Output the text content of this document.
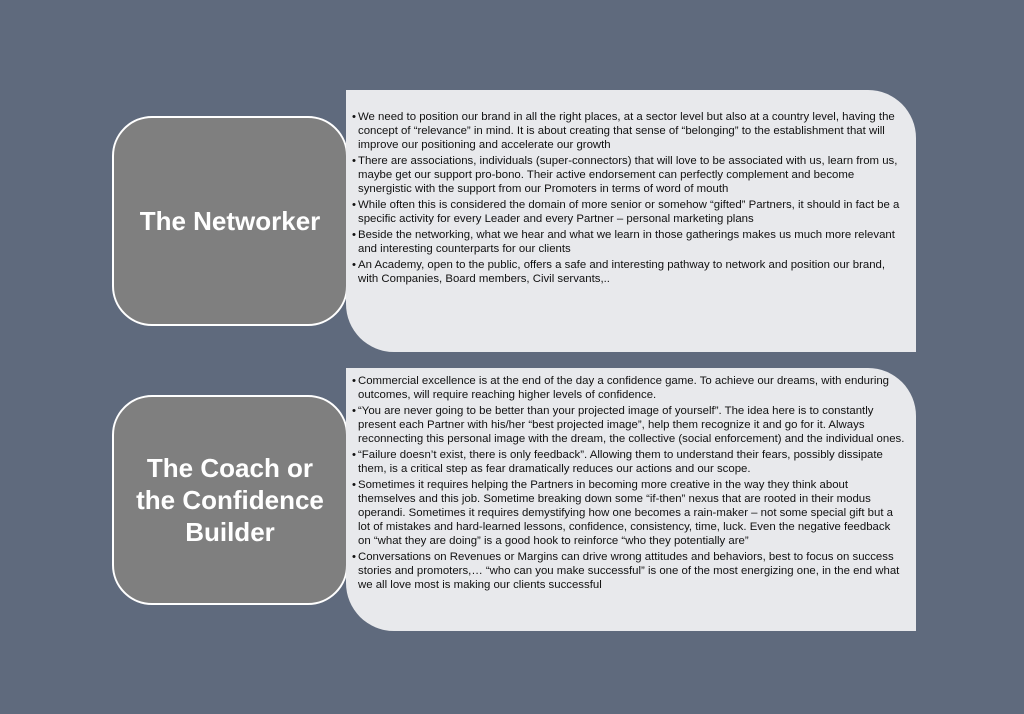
The Networker
• We need to position our brand in all the right places, at a sector level but also at a country level, having the concept of “relevance” in mind. It is about creating that sense of “belonging” to the establishment that will improve our positioning and accelerate our growth
• There are associations, individuals (super-connectors) that will love to be associated with us, learn from us, maybe get our support pro-bono. Their active endorsement can perfectly complement and become synergistic with the support from our Promoters in terms of word of mouth
• While often this is considered the domain of more senior or somehow “gifted” Partners, it should in fact be a specific activity for every Leader and every Partner – personal marketing plans
• Beside the networking, what we hear and what we learn in those gatherings makes us much more relevant and interesting counterparts for our clients
• An Academy, open to the public, offers a safe and interesting pathway to network and position our brand, with Companies, Board members, Civil servants,..
The Coach or the Confidence Builder
• Commercial excellence is at the end of the day a confidence game. To achieve our dreams, with enduring outcomes, will require reaching higher levels of confidence.
• “You are never going to be better than your projected image of yourself”. The idea here is to constantly present each Partner with his/her “best projected image”, help them recognize it and go for it. Always reconnecting this personal image with the dream, the collective (social enforcement) and the individual ones.
• “Failure doesn’t exist, there is only feedback”. Allowing them to understand their fears, possibly dissipate them, is a critical step as fear dramatically reduces our actions and our scope.
• Sometimes it requires helping the Partners in becoming more creative in the way they think about themselves and this job. Sometime breaking down some “if-then” nexus that are rooted in their modus operandi. Sometimes it requires demystifying how one becomes a rain-maker – not some special gift but a lot of mistakes and hard-learned lessons, confidence, consistency, time, luck. Even the negative feedback on “what they are doing” is a good hook to reinforce “who they potentially are”
• Conversations on Revenues or Margins can drive wrong attitudes and behaviors, best to focus on success stories and promoters,… “who can you make successful” is one of the most energizing one, in the end what we all love most is making our clients successful
